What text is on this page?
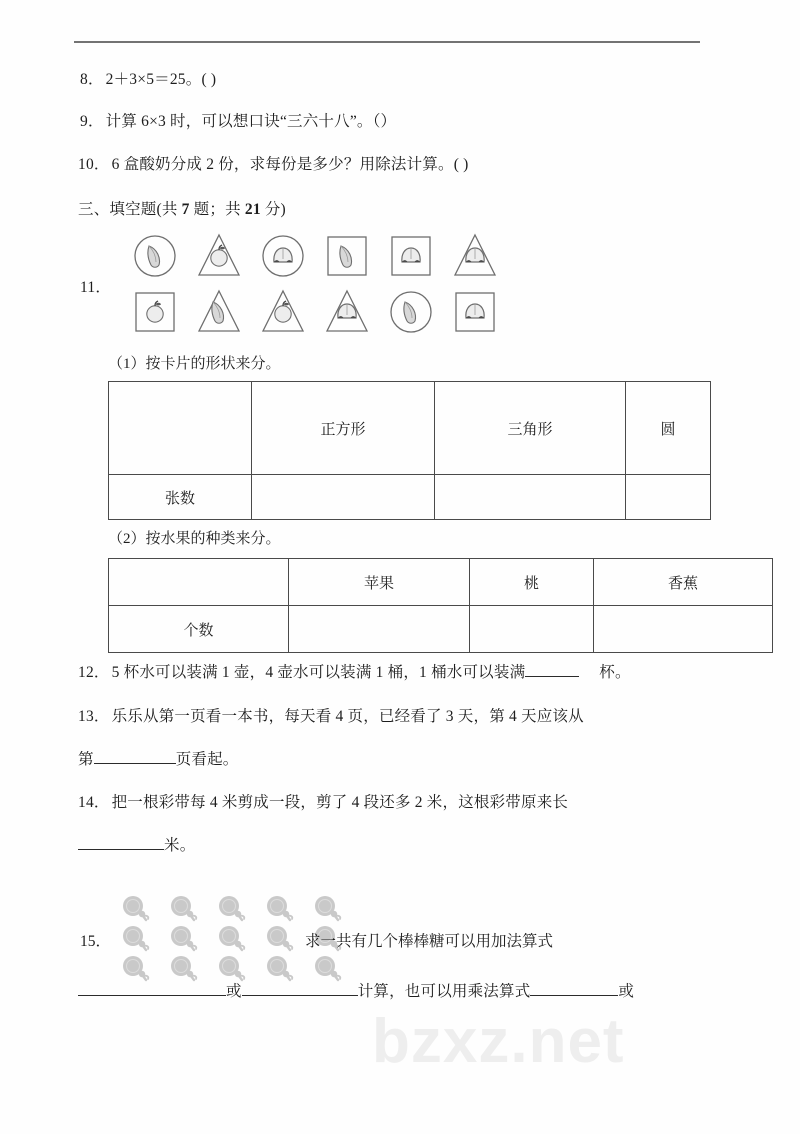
bzxz.net
8． 2＋3×5＝25。( )
9． 计算 6×3 时，可以想口诀“三六十八”。（）
10． 6 盒酸奶分成 2 份，求每份是多少？用除法计算。( )
三、填空题(共 7 题；共 21 分)
11．
（1）按卡片的形状来分。
	正方形	三角形	圆
张数			
（2）按水果的种类来分。
	苹果	桃	香蕉
个数			
12． 5 杯水可以装满 1 壶，4 壶水可以装满 1 桶，1 桶水可以装满	杯。
13． 乐乐从第一页看一本书，每天看 4 页，已经看了 3 天，第 4 天应该从
第	页看起。
14． 把一根彩带每 4 米剪成一段，剪了 4 段还多 2 米，这根彩带原来长
米。
15．	求一共有几个棒棒糖可以用加法算式
或	计算，也可以用乘法算式	或
